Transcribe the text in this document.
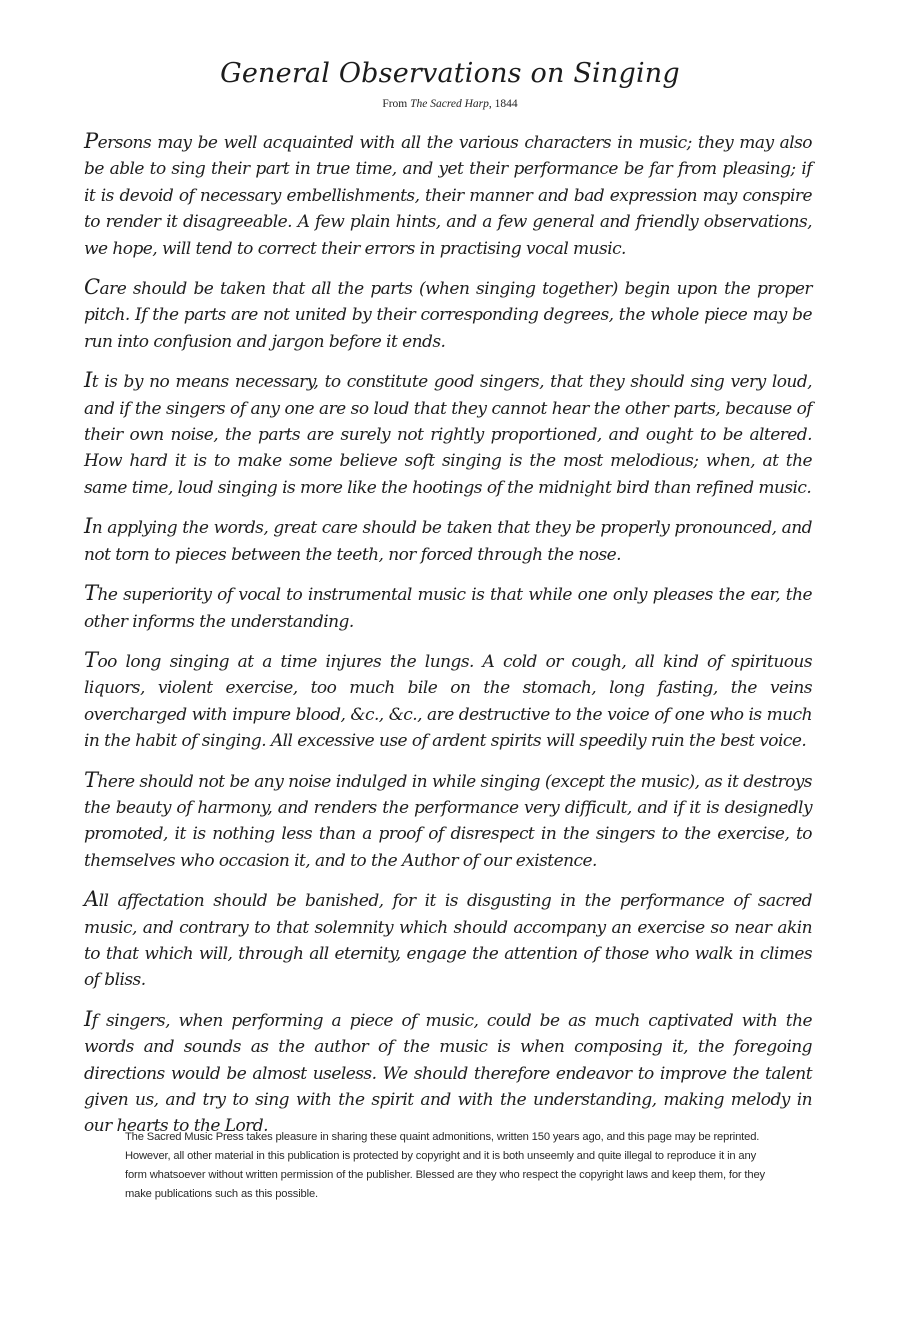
General Observations on Singing
From The Sacred Harp, 1844

Persons may be well acquainted with all the various characters in music; they may also be able to sing their part in true time, and yet their performance be far from pleasing; if it is devoid of necessary embellishments, their manner and bad expression may conspire to render it disagreeable. A few plain hints, and a few general and friendly observations, we hope, will tend to correct their errors in practising vocal music.

Care should be taken that all the parts (when singing together) begin upon the proper pitch. If the parts are not united by their corresponding degrees, the whole piece may be run into confusion and jargon before it ends.

It is by no means necessary, to constitute good singers, that they should sing very loud, and if the singers of any one are so loud that they cannot hear the other parts, because of their own noise, the parts are surely not rightly proportioned, and ought to be altered. How hard it is to make some believe soft singing is the most melodious; when, at the same time, loud singing is more like the hootings of the midnight bird than refined music.

In applying the words, great care should be taken that they be properly pronounced, and not torn to pieces between the teeth, nor forced through the nose.

The superiority of vocal to instrumental music is that while one only pleases the ear, the other informs the understanding.

Too long singing at a time injures the lungs. A cold or cough, all kind of spirituous liquors, violent exercise, too much bile on the stomach, long fasting, the veins overcharged with impure blood, &c., &c., are destructive to the voice of one who is much in the habit of singing. All excessive use of ardent spirits will speedily ruin the best voice.

There should not be any noise indulged in while singing (except the music), as it destroys the beauty of harmony, and renders the performance very difficult, and if it is designedly promoted, it is nothing less than a proof of disrespect in the singers to the exercise, to themselves who occasion it, and to the Author of our existence.

All affectation should be banished, for it is disgusting in the performance of sacred music, and contrary to that solemnity which should accompany an exercise so near akin to that which will, through all eternity, engage the attention of those who walk in climes of bliss.

If singers, when performing a piece of music, could be as much captivated with the words and sounds as the author of the music is when composing it, the foregoing directions would be almost useless. We should therefore endeavor to improve the talent given us, and try to sing with the spirit and with the understanding, making melody in our hearts to the Lord.

The Sacred Music Press takes pleasure in sharing these quaint admonitions, written 150 years ago, and this page may be reprinted. However, all other material in this publication is protected by copyright and it is both unseemly and quite illegal to reproduce it in any form whatsoever without written permission of the publisher. Blessed are they who respect the copyright laws and keep them, for they make publications such as this possible.
